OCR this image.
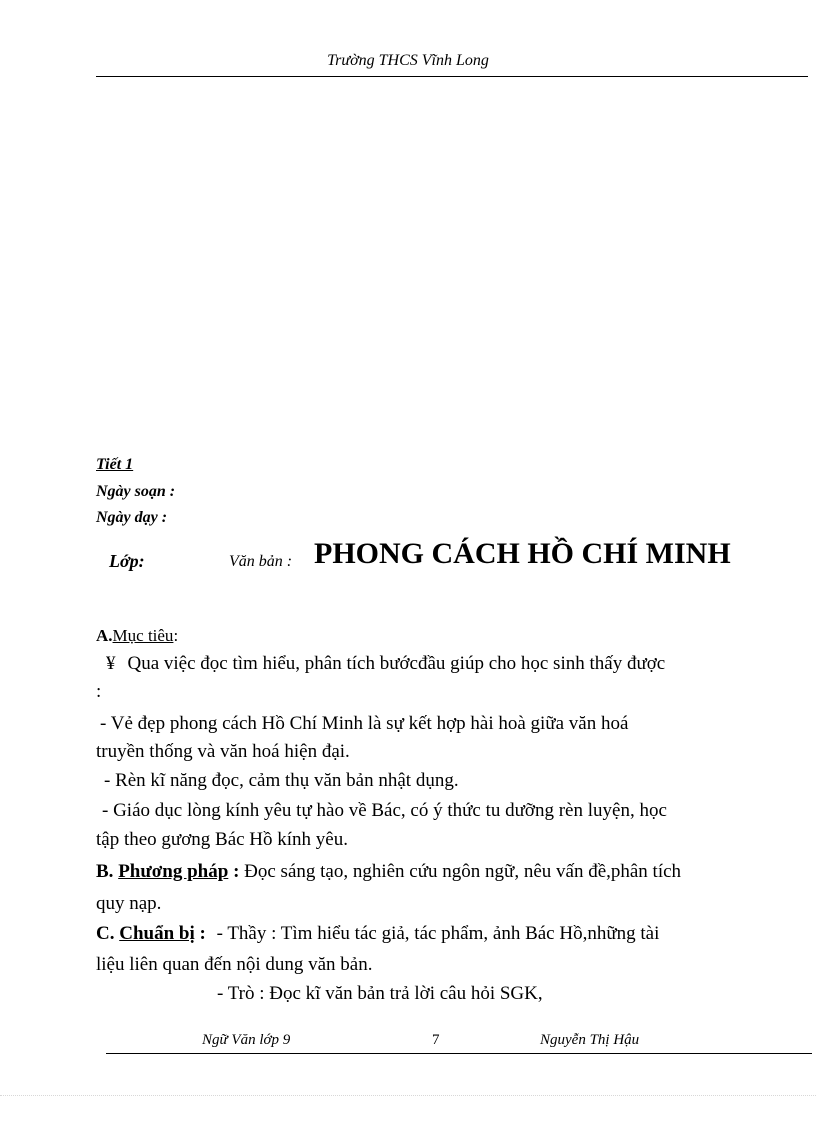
Trường THCS Vĩnh Long
Tiết 1
Ngày soạn :
Ngày dạy :
Lớp:	Văn bản : PHONG CÁCH HỒ CHÍ MINH
A.Mục tiêu:
¥ Qua việc đọc tìm hiểu, phân tích bướcđầu giúp cho học sinh thấy được
:
- Vẻ đẹp phong cách Hồ Chí Minh là sự kết hợp hài hoà giữa văn hoá
truyền thống và văn hoá hiện đại.
- Rèn kĩ năng đọc, cảm thụ văn bản nhật dụng.
- Giáo dục lòng kính yêu tự hào về Bác, có ý thức tu dưỡng rèn luyện, học
tập theo gương Bác Hồ kính yêu.
B. Phương pháp : Đọc sáng tạo, nghiên cứu ngôn ngữ, nêu vấn đề,phân tích
quy nạp.
C. Chuẩn bị : - Thầy : Tìm hiểu tác giả, tác phẩm, ảnh Bác Hồ,những tài
liệu liên quan đến nội dung văn bản.
- Trò : Đọc kĩ văn bản trả lời câu hỏi SGK,
Ngữ Văn lớp 9	7	Nguyễn Thị Hậu
